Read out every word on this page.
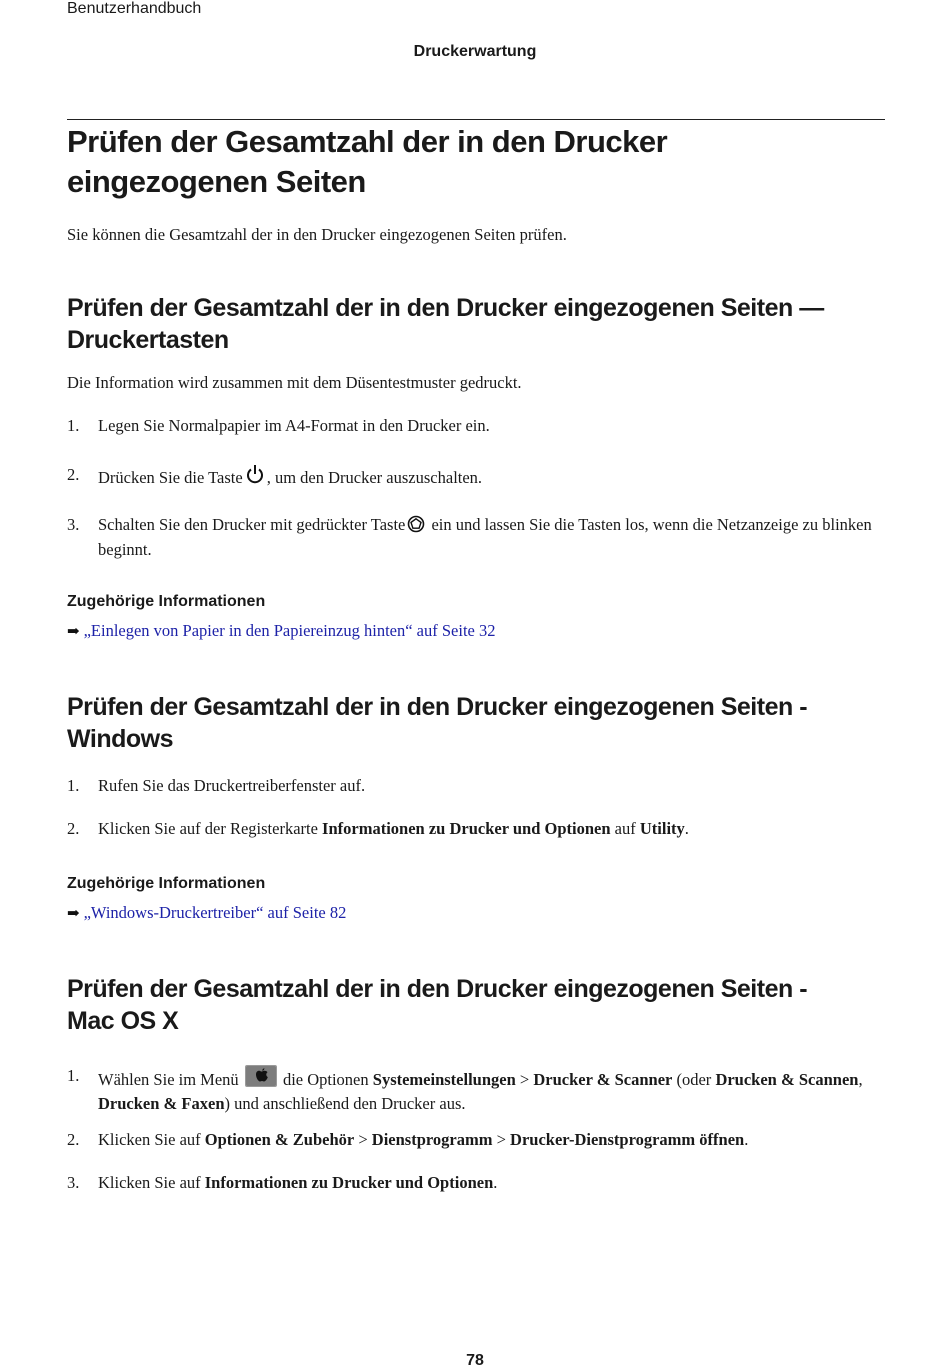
Benutzerhandbuch
Druckerwartung
Prüfen der Gesamtzahl der in den Drucker eingezogenen Seiten

Sie können die Gesamtzahl der in den Drucker eingezogenen Seiten prüfen.

Prüfen der Gesamtzahl der in den Drucker eingezogenen Seiten —
Druckertasten

Die Information wird zusammen mit dem Düsentestmuster gedruckt.

1. Legen Sie Normalpapier im A4-Format in den Drucker ein.
2. Drücken Sie die Taste , um den Drucker auszuschalten.
3. Schalten Sie den Drucker mit gedrückter Taste ein und lassen Sie die Tasten los, wenn die Netzanzeige zu blinken beginnt.
Zugehörige Informationen
➡ „Einlegen von Papier in den Papiereinzug hinten“ auf Seite 32
Prüfen der Gesamtzahl der in den Drucker eingezogenen Seiten -
Windows
1. Rufen Sie das Druckertreiberfenster auf.
2. Klicken Sie auf der Registerkarte Informationen zu Drucker und Optionen auf Utility.
Zugehörige Informationen
➡ „Windows-Druckertreiber“ auf Seite 82
Prüfen der Gesamtzahl der in den Drucker eingezogenen Seiten -
Mac OS X
1. Wählen Sie im Menü  die Optionen Systemeinstellungen > Drucker & Scanner (oder Drucken & Scannen, Drucken & Faxen) und anschließend den Drucker aus.
2. Klicken Sie auf Optionen & Zubehör > Dienstprogramm > Drucker-Dienstprogramm öffnen.
3. Klicken Sie auf Informationen zu Drucker und Optionen.
78
